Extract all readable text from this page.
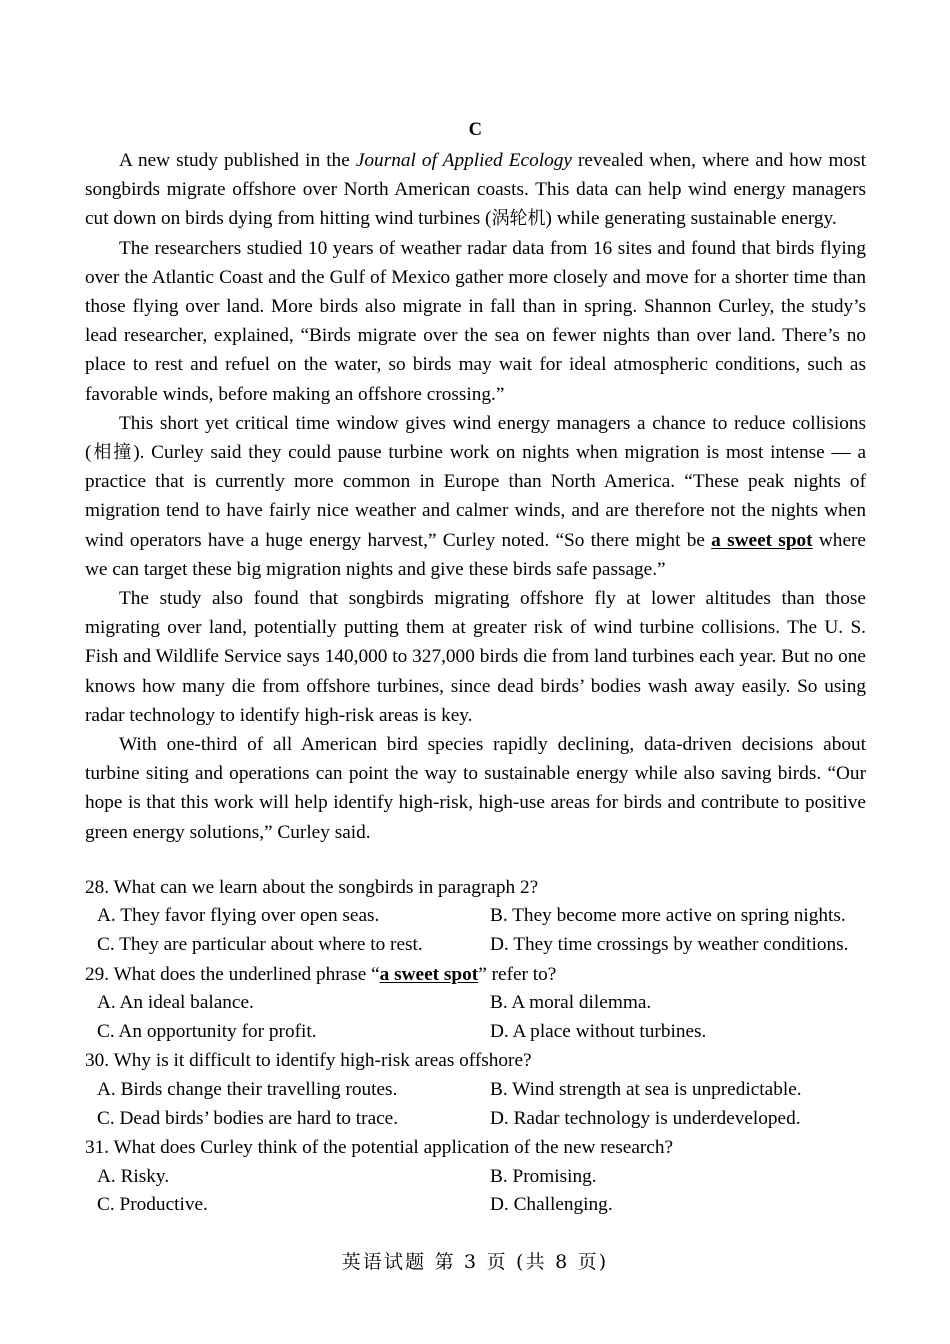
C

A new study published in the Journal of Applied Ecology revealed when, where and how most songbirds migrate offshore over North American coasts. This data can help wind energy managers cut down on birds dying from hitting wind turbines (涡轮机) while generating sustainable energy.

The researchers studied 10 years of weather radar data from 16 sites and found that birds flying over the Atlantic Coast and the Gulf of Mexico gather more closely and move for a shorter time than those flying over land. More birds also migrate in fall than in spring. Shannon Curley, the study’s lead researcher, explained, “Birds migrate over the sea on fewer nights than over land. There’s no place to rest and refuel on the water, so birds may wait for ideal atmospheric conditions, such as favorable winds, before making an offshore crossing.”

This short yet critical time window gives wind energy managers a chance to reduce collisions (相撞). Curley said they could pause turbine work on nights when migration is most intense — a practice that is currently more common in Europe than North America. “These peak nights of migration tend to have fairly nice weather and calmer winds, and are therefore not the nights when wind operators have a huge energy harvest,” Curley noted. “So there might be a sweet spot where we can target these big migration nights and give these birds safe passage.”

The study also found that songbirds migrating offshore fly at lower altitudes than those migrating over land, potentially putting them at greater risk of wind turbine collisions. The U. S. Fish and Wildlife Service says 140,000 to 327,000 birds die from land turbines each year. But no one knows how many die from offshore turbines, since dead birds’ bodies wash away easily. So using radar technology to identify high-risk areas is key.

With one-third of all American bird species rapidly declining, data-driven decisions about turbine siting and operations can point the way to sustainable energy while also saving birds. “Our hope is that this work will help identify high-risk, high-use areas for birds and contribute to positive green energy solutions,” Curley said.

28. What can we learn about the songbirds in paragraph 2?
A. They favor flying over open seas.	B. They become more active on spring nights.
C. They are particular about where to rest.	D. They time crossings by weather conditions.
29. What does the underlined phrase “a sweet spot” refer to?
A. An ideal balance.	B. A moral dilemma.
C. An opportunity for profit.	D. A place without turbines.
30. Why is it difficult to identify high-risk areas offshore?
A. Birds change their travelling routes.	B. Wind strength at sea is unpredictable.
C. Dead birds’ bodies are hard to trace.	D. Radar technology is underdeveloped.
31. What does Curley think of the potential application of the new research?
A. Risky.	B. Promising.
C. Productive.	D. Challenging.
英语试题 第 3 页 (共 8 页)
